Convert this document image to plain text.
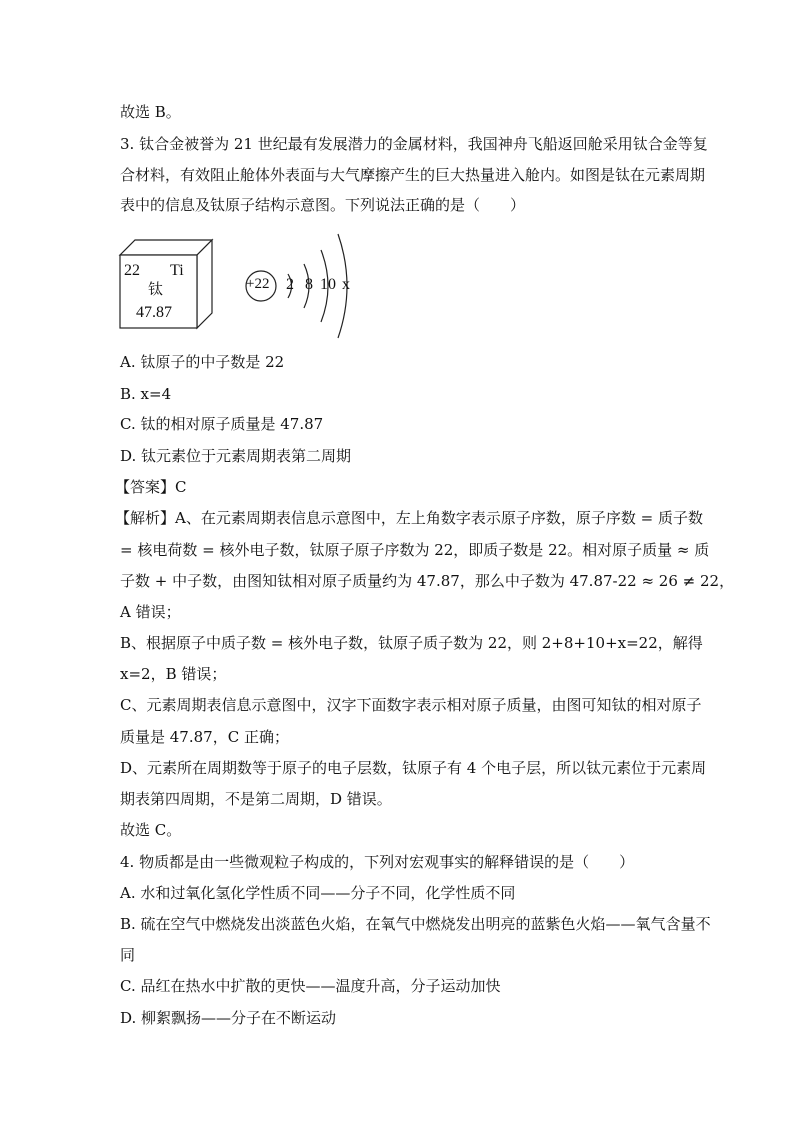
故选 B。
3. 钛合金被誉为 21 世纪最有发展潜力的金属材料，我国神舟飞船返回舱采用钛合金等复
合材料，有效阻止舱体外表面与大气摩擦产生的巨大热量进入舱内。如图是钛在元素周期
表中的信息及钛原子结构示意图。下列说法正确的是（　　）
22 Ti
钛
47.87
+22 2 8 10 x
A. 钛原子的中子数是 22
B. x=4
C. 钛的相对原子质量是 47.87
D. 钛元素位于元素周期表第二周期
【答案】C
【解析】A、在元素周期表信息示意图中，左上角数字表示原子序数，原子序数 = 质子数
= 核电荷数 = 核外电子数，钛原子原子序数为 22，即质子数是 22。相对原子质量 ≈ 质
子数 + 中子数，由图知钛相对原子质量约为 47.87，那么中子数为 47.87-22 ≈ 26 ≠ 22，
A 错误；
B、根据原子中质子数 = 核外电子数，钛原子质子数为 22，则 2+8+10+x=22，解得
x=2，B 错误；
C、元素周期表信息示意图中，汉字下面数字表示相对原子质量，由图可知钛的相对原子
质量是 47.87，C 正确；
D、元素所在周期数等于原子的电子层数，钛原子有 4 个电子层，所以钛元素位于元素周
期表第四周期，不是第二周期，D 错误。
故选 C。
4. 物质都是由一些微观粒子构成的，下列对宏观事实的解释错误的是（　　）
A. 水和过氧化氢化学性质不同——分子不同，化学性质不同
B. 硫在空气中燃烧发出淡蓝色火焰，在氧气中燃烧发出明亮的蓝紫色火焰——氧气含量不
同
C. 品红在热水中扩散的更快——温度升高，分子运动加快
D. 柳絮飘扬——分子在不断运动
